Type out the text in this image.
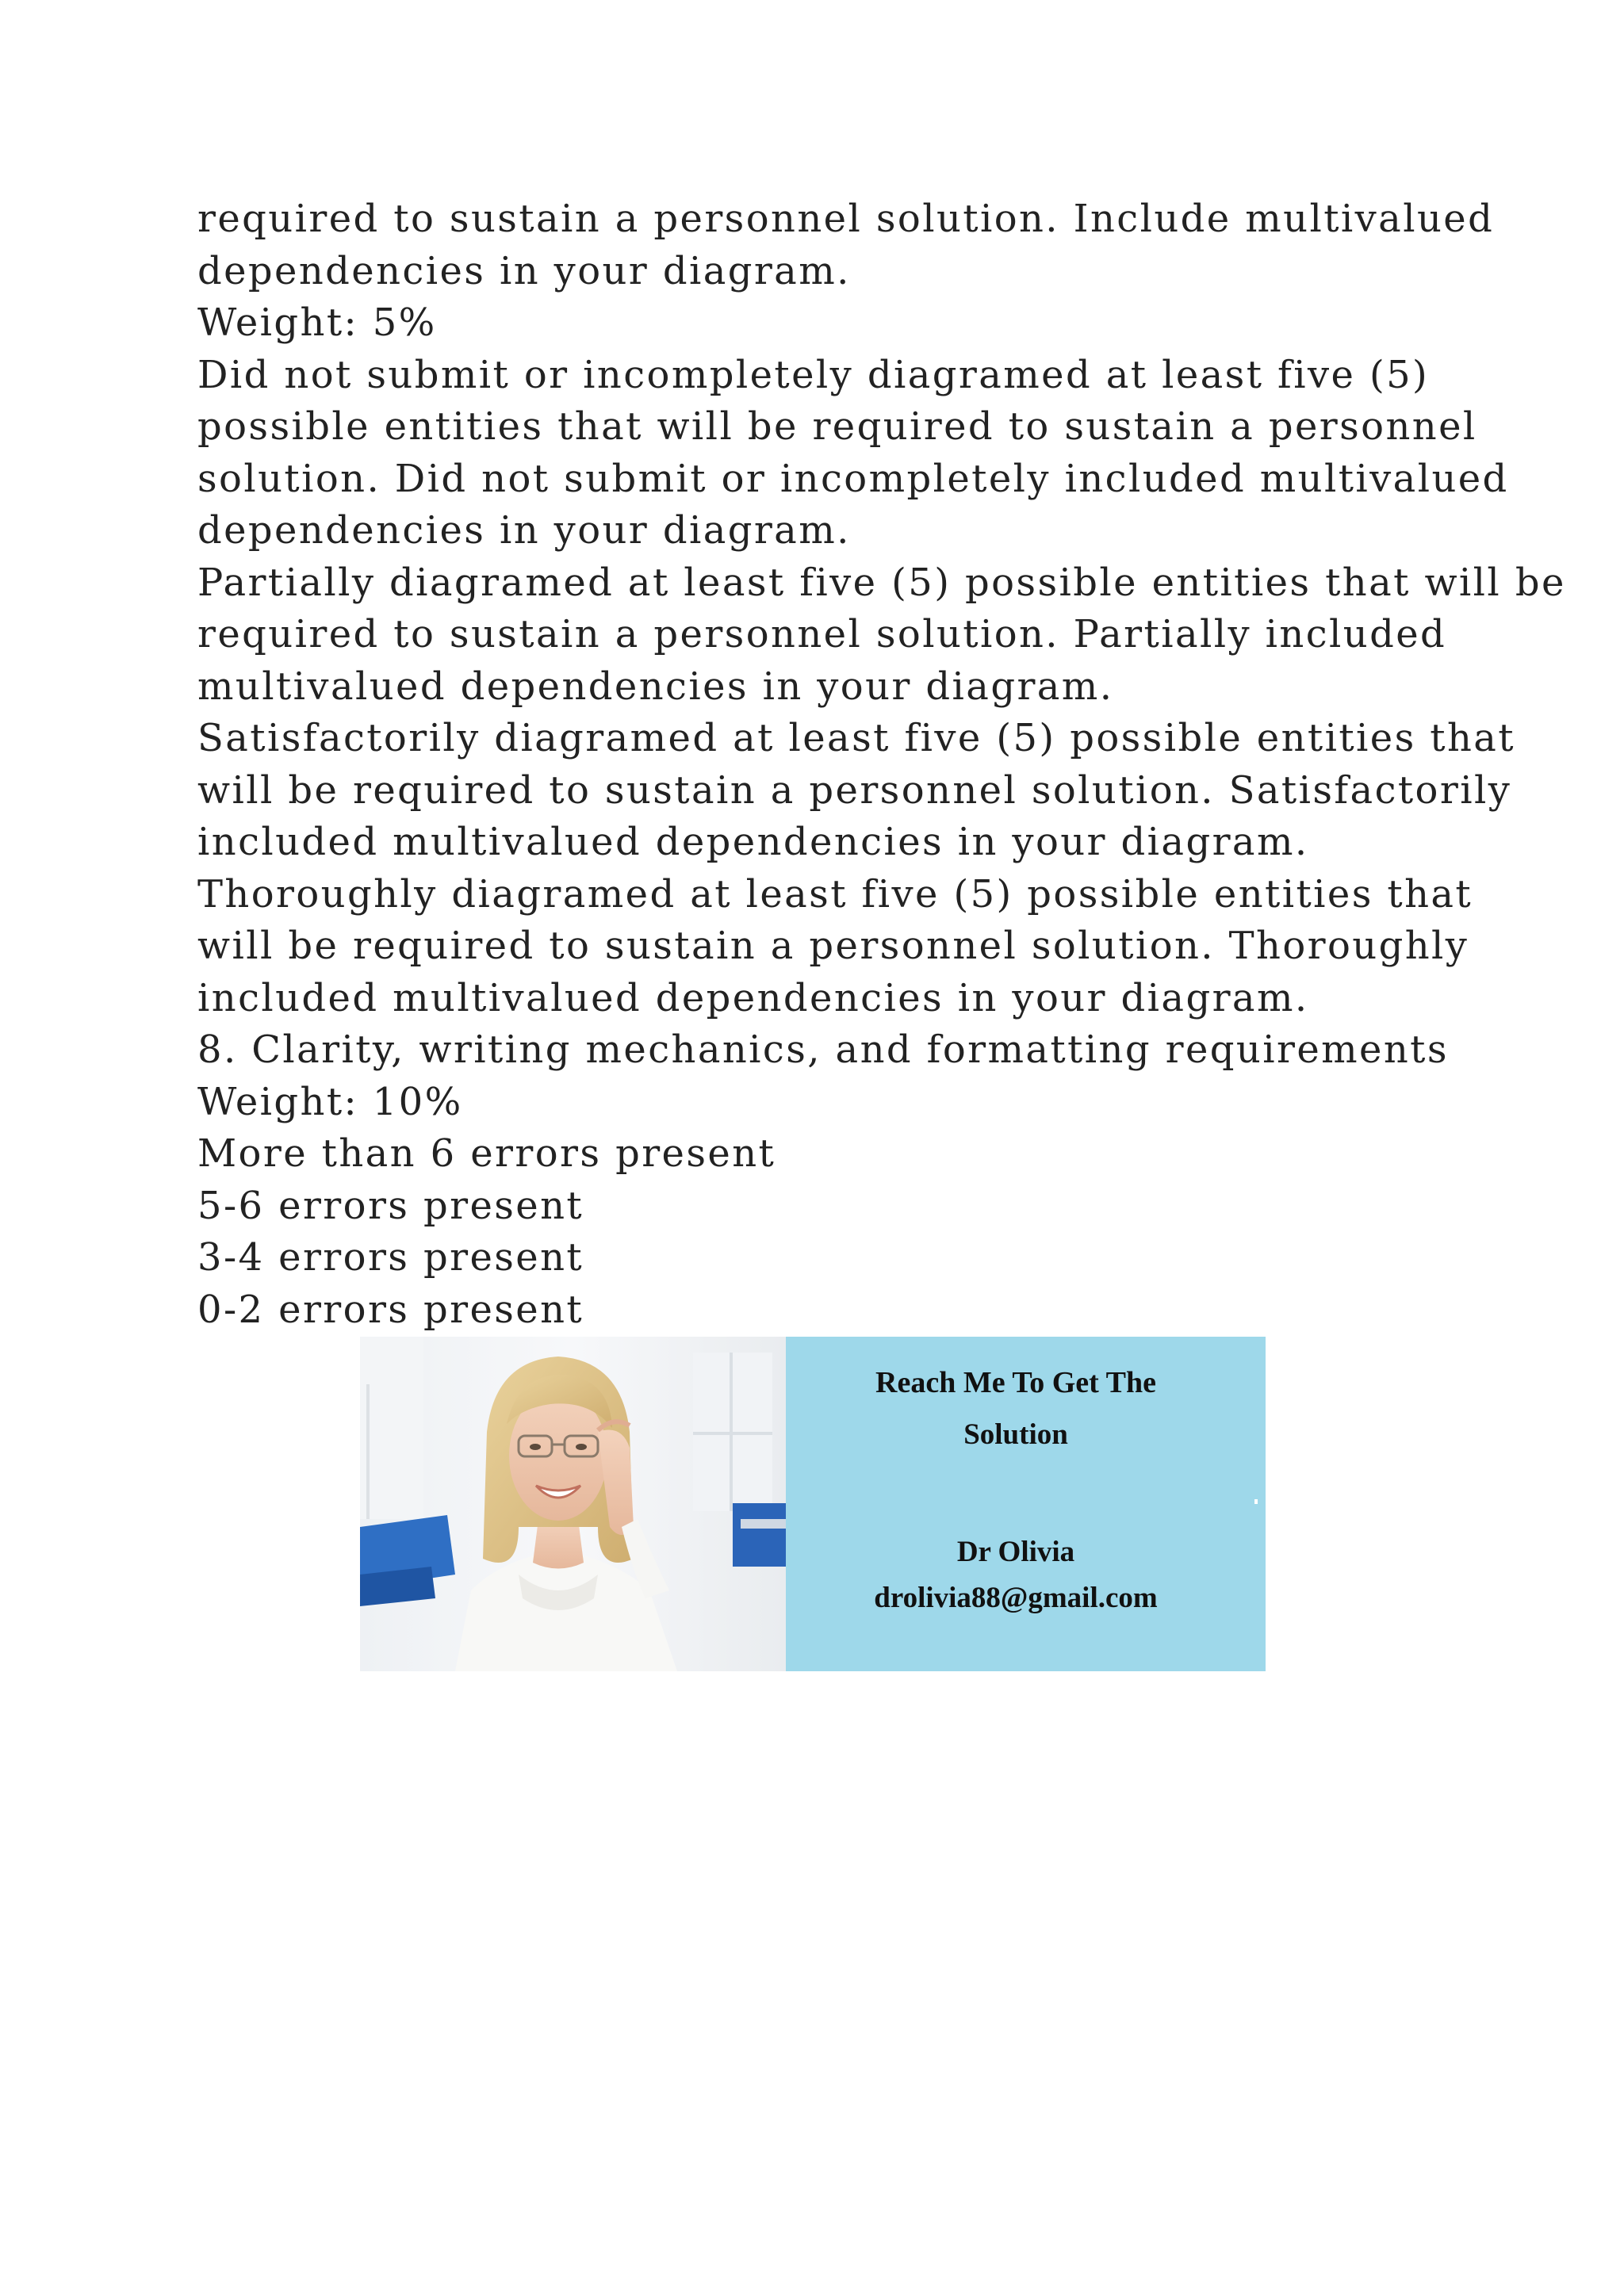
required to sustain a personnel solution. Include multivalued
dependencies in your diagram.
Weight: 5%
Did not submit or incompletely diagramed at least five (5)
possible entities that will be required to sustain a personnel
solution. Did not submit or incompletely included multivalued
dependencies in your diagram.
Partially diagramed at least five (5) possible entities that will be
required to sustain a personnel solution. Partially included
multivalued dependencies in your diagram.
Satisfactorily diagramed at least five (5) possible entities that
will be required to sustain a personnel solution. Satisfactorily
included multivalued dependencies in your diagram.
Thoroughly diagramed at least five (5) possible entities that
will be required to sustain a personnel solution. Thoroughly
included multivalued dependencies in your diagram.
8. Clarity, writing mechanics, and formatting requirements
Weight: 10%
More than 6 errors present
5-6 errors present
3-4 errors present
0-2 errors present
Reach Me To Get The
Solution
Dr Olivia
drolivia88@gmail.com
